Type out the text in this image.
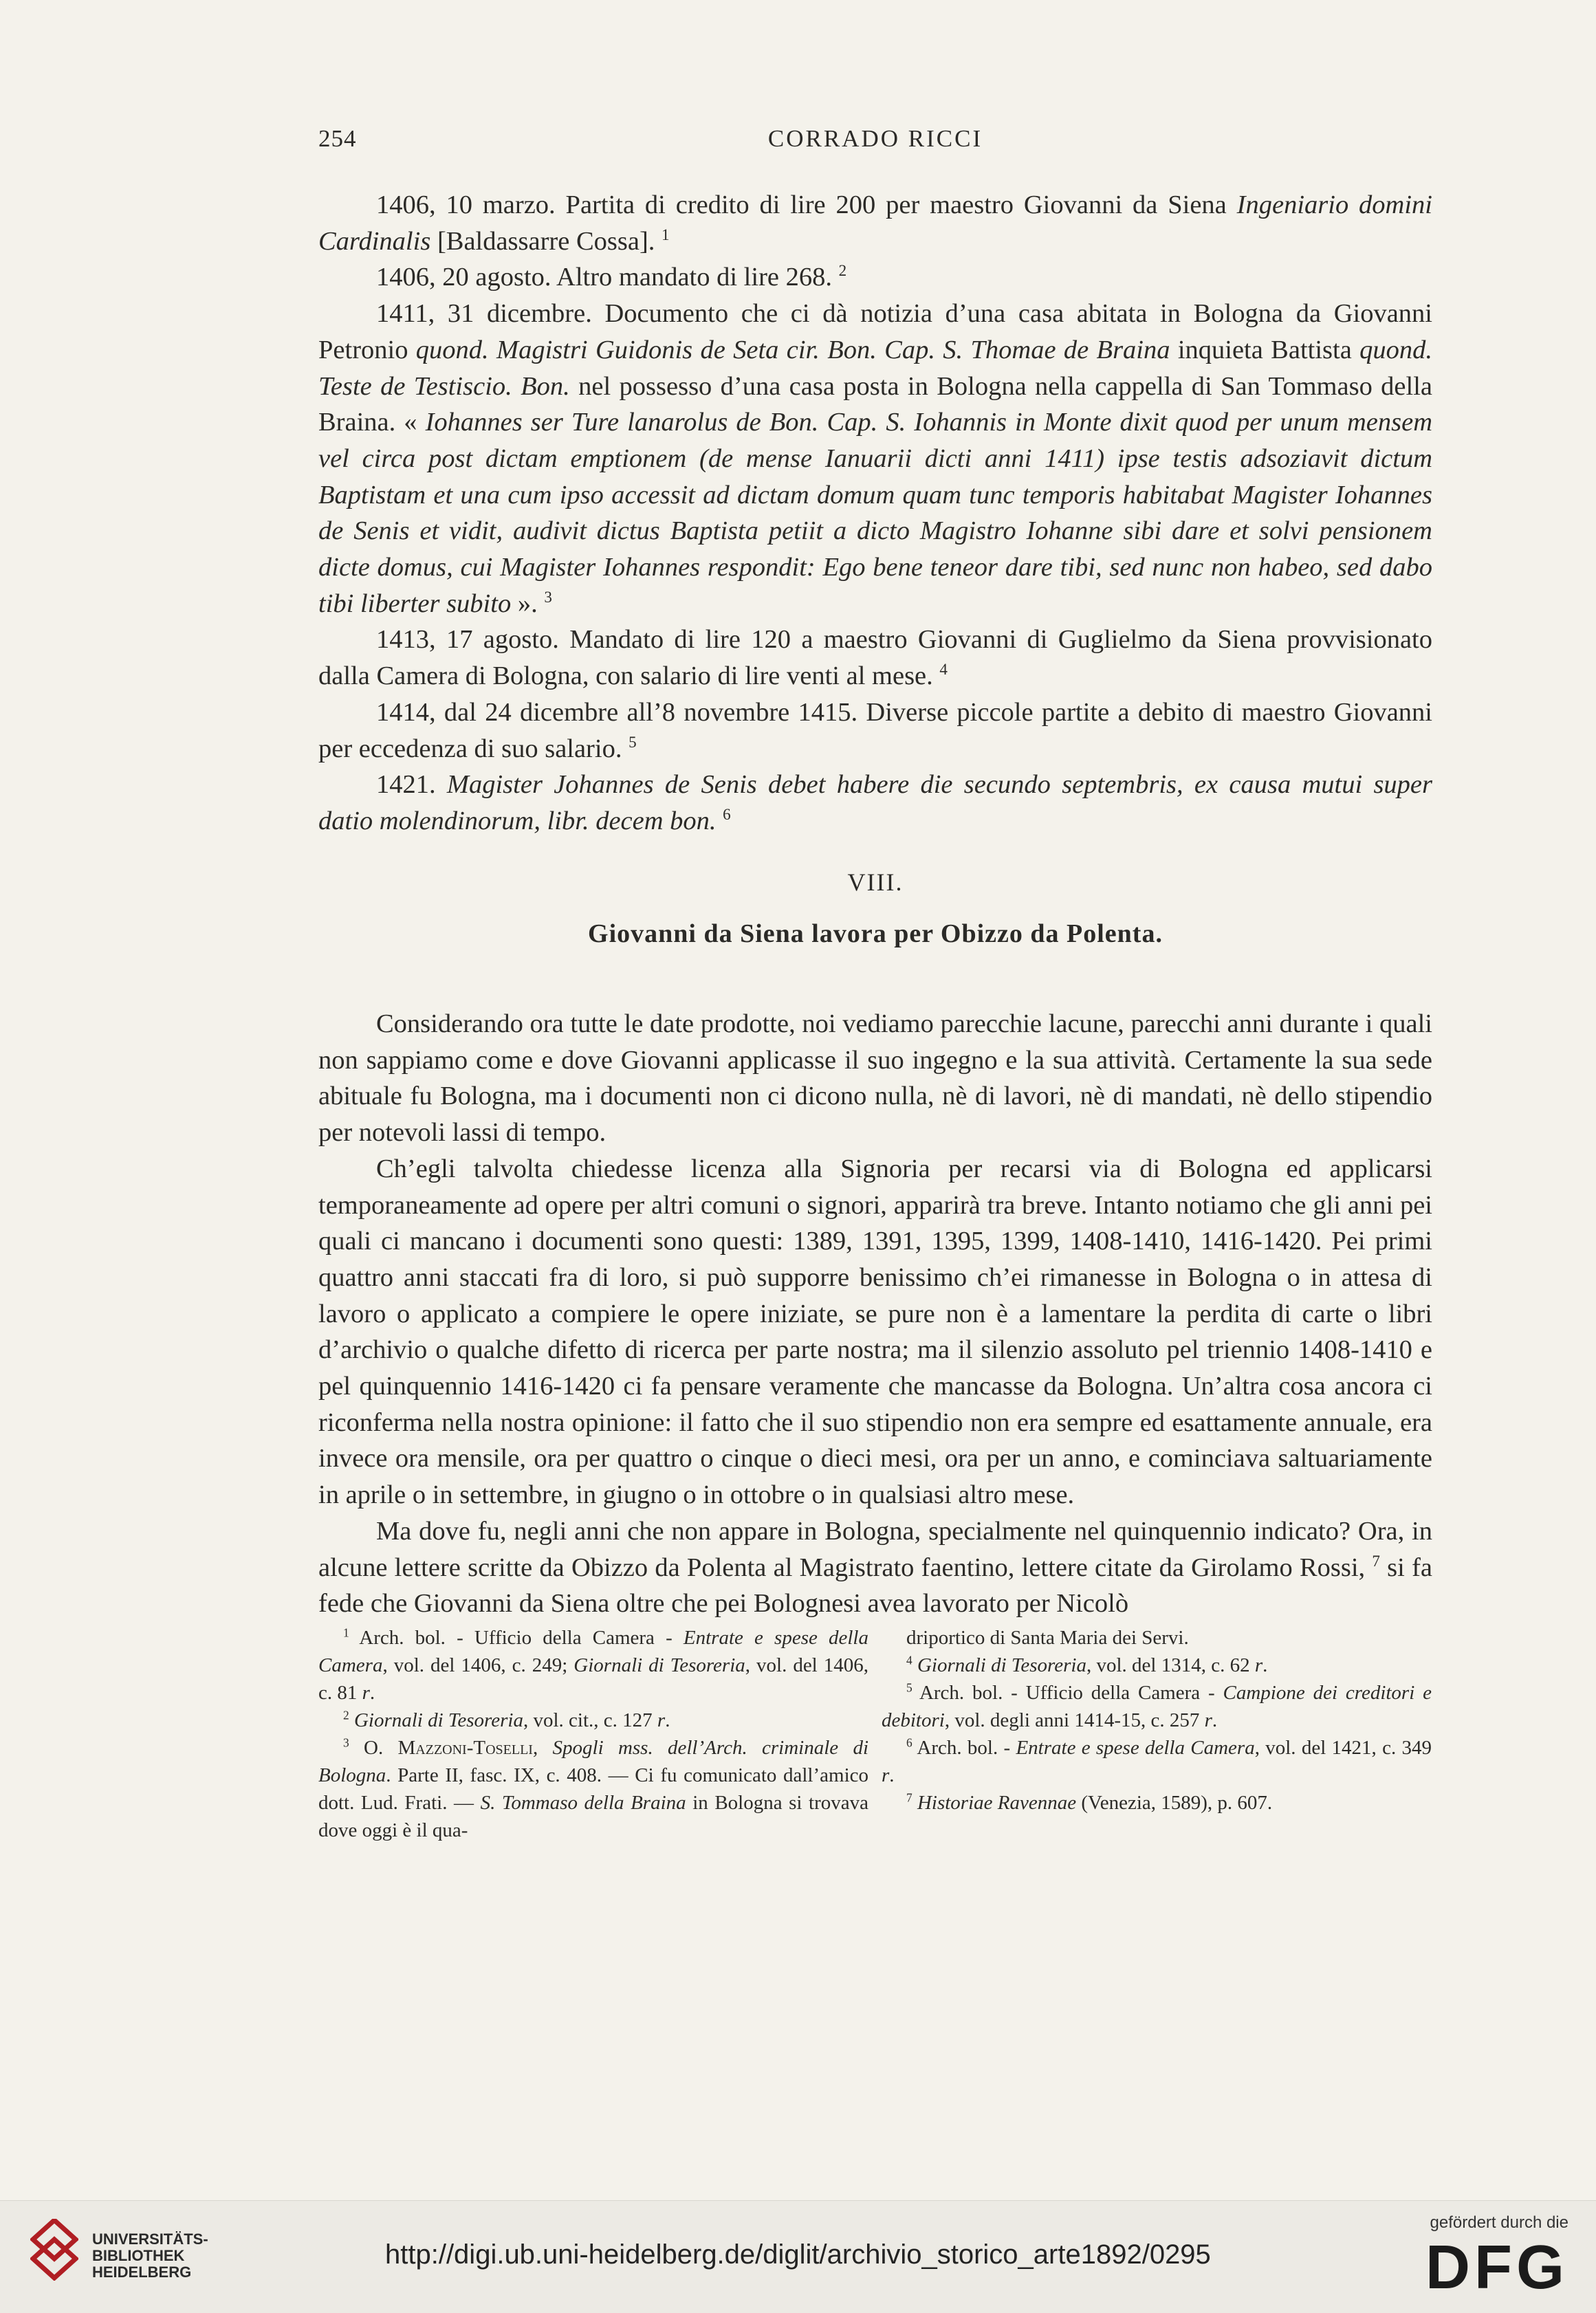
254	CORRADO RICCI

1406, 10 marzo. Partita di credito di lire 200 per maestro Giovanni da Siena Ingeniario domini Cardinalis [Baldassarre Cossa]. $^1$

1406, 20 agosto. Altro mandato di lire 268. $^2$

1411, 31 dicembre. Documento che ci dà notizia d’una casa abitata in Bologna da Giovanni Petronio quond. Magistri Guidonis de Seta cir. Bon. Cap. S. Thomae de Braina inquieta Battista quond. Teste de Testiscio. Bon. nel possesso d’una casa posta in Bologna nella cappella di San Tommaso della Braina. « Iohannes ser Ture lanarolus de Bon. Cap. S. Iohannis in Monte dixit quod per unum mensem vel circa post dictam emptionem (de mense Ianuarii dicti anni 1411) ipse testis adsoziavit dictum Baptistam et una cum ipso accessit ad dictam domum quam tunc temporis habitabat Magister Iohannes de Senis et vidit, audivit dictus Baptista petiit a dicto Magistro Iohanne sibi dare et solvi pensionem dicte domus, cui Magister Iohannes respondit: Ego bene teneor dare tibi, sed nunc non habeo, sed dabo tibi liberter subito ». $^3$

1413, 17 agosto. Mandato di lire 120 a maestro Giovanni di Guglielmo da Siena provvisionato dalla Camera di Bologna, con salario di lire venti al mese. $^4$

1414, dal 24 dicembre all’8 novembre 1415. Diverse piccole partite a debito di maestro Giovanni per eccedenza di suo salario. $^5$

1421. Magister Johannes de Senis debet habere die secundo septembris, ex causa mutui super datio molendinorum, libr. decem bon. $^6$

VIII.
Giovanni da Siena lavora per Obizzo da Polenta.

Considerando ora tutte le date prodotte, noi vediamo parecchie lacune, parecchi anni durante i quali non sappiamo come e dove Giovanni applicasse il suo ingegno e la sua attività. Certamente la sua sede abituale fu Bologna, ma i documenti non ci dicono nulla, nè di lavori, nè di mandati, nè dello stipendio per notevoli lassi di tempo.

Ch’egli talvolta chiedesse licenza alla Signoria per recarsi via di Bologna ed applicarsi temporaneamente ad opere per altri comuni o signori, apparirà tra breve. Intanto notiamo che gli anni pei quali ci mancano i documenti sono questi: 1389, 1391, 1395, 1399, 1408-1410, 1416-1420. Pei primi quattro anni staccati fra di loro, si può supporre benissimo ch’ei rimanesse in Bologna o in attesa di lavoro o applicato a compiere le opere iniziate, se pure non è a lamentare la perdita di carte o libri d’archivio o qualche difetto di ricerca per parte nostra; ma il silenzio assoluto pel triennio 1408-1410 e pel quinquennio 1416-1420 ci fa pensare veramente che mancasse da Bologna. Un’altra cosa ancora ci riconferma nella nostra opinione: il fatto che il suo stipendio non era sempre ed esattamente annuale, era invece ora mensile, ora per quattro o cinque o dieci mesi, ora per un anno, e cominciava saltuariamente in aprile o in settembre, in giugno o in ottobre o in qualsiasi altro mese.

Ma dove fu, negli anni che non appare in Bologna, specialmente nel quinquennio indicato? Ora, in alcune lettere scritte da Obizzo da Polenta al Magistrato faentino, lettere citate da Girolamo Rossi, $^7$ si fa fede che Giovanni da Siena oltre che pei Bolognesi avea lavorato per Nicolò

$^1$ Arch. bol. - Ufficio della Camera - Entrate e spese della Camera, vol. del 1406, c. 249; Giornali di Tesoreria, vol. del 1406, c. 81 r.

$^2$ Giornali di Tesoreria, vol. cit., c. 127 r.

$^3$ O. Mazzoni-Toselli, Spogli mss. dell’Arch. criminale di Bologna. Parte II, fasc. IX, c. 408. — Ci fu comunicato dall’amico dott. Lud. Frati. — S. Tommaso della Braina in Bologna si trovava dove oggi è il qua-

driportico di Santa Maria dei Servi.

$^4$ Giornali di Tesoreria, vol. del 1314, c. 62 r.

$^5$ Arch. bol. - Ufficio della Camera - Campione dei creditori e debitori, vol. degli anni 1414-15, c. 257 r.

$^6$ Arch. bol. - Entrate e spese della Camera, vol. del 1421, c. 349 r.

$^7$ Historiae Ravennae (Venezia, 1589), p. 607.

UNIVERSITÄTS-
BIBLIOTHEK
HEIDELBERG
http://digi.ub.uni-heidelberg.de/diglit/archivio_storico_arte1892/0295
gefördert durch die
DFG
